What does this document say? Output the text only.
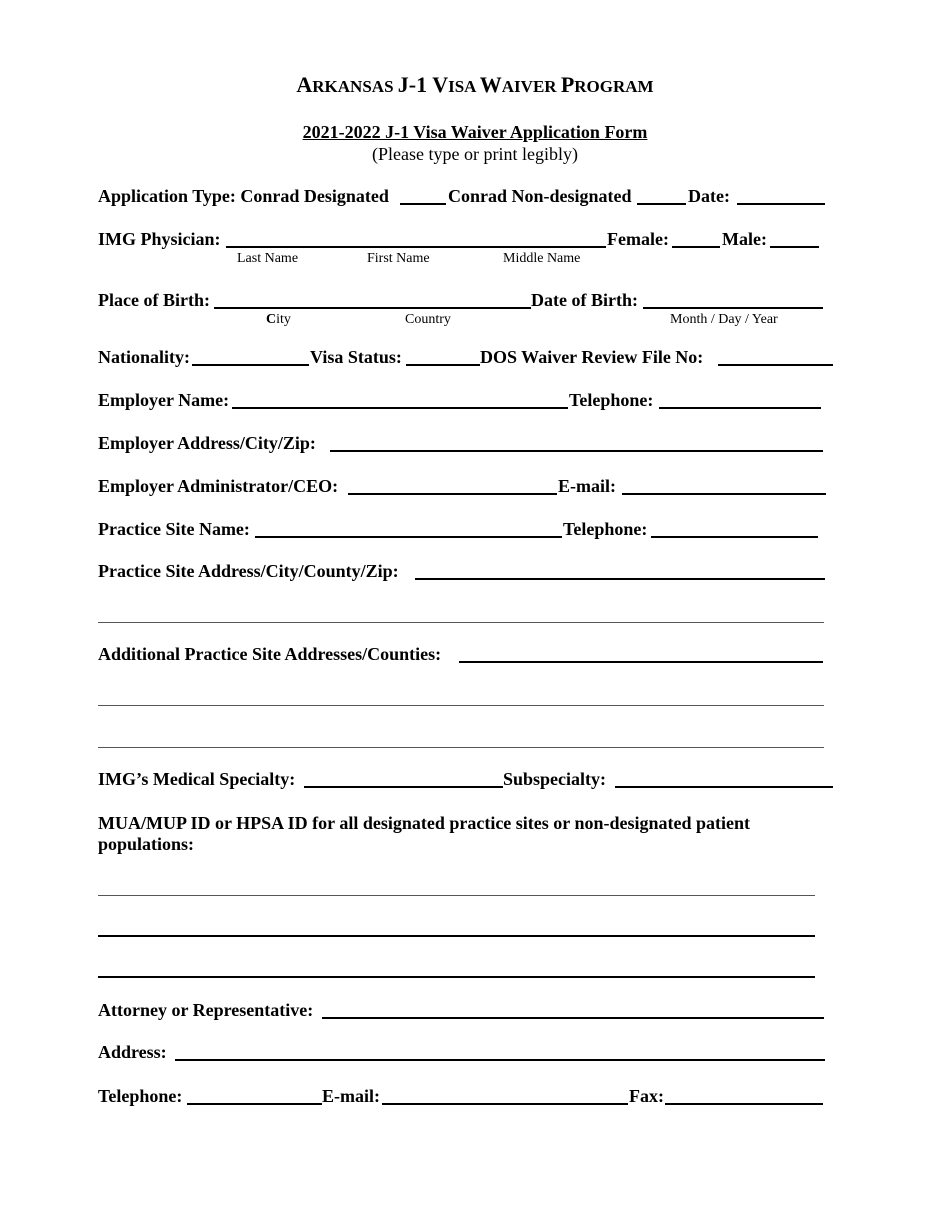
ARKANSAS J-1 VISA WAIVER PROGRAM
2021-2022 J-1 Visa Waiver Application Form
(Please type or print legibly)
Application Type: Conrad Designated	Conrad Non-designated	Date:
IMG Physician:	Female:	Male:
Last Name	First Name	Middle Name
Place of Birth:	Date of Birth:
City	Country	Month / Day / Year
Nationality:	Visa Status:	DOS Waiver Review File No:
Employer Name:	Telephone:
Employer Address/City/Zip:
Employer Administrator/CEO:	E-mail:
Practice Site Name:	Telephone:
Practice Site Address/City/County/Zip:
Additional Practice Site Addresses/Counties:
IMG’s Medical Specialty:	Subspecialty:
MUA/MUP ID or HPSA ID for all designated practice sites or non-designated patient
populations:
Attorney or Representative:
Address:
Telephone:	E-mail:	Fax:
